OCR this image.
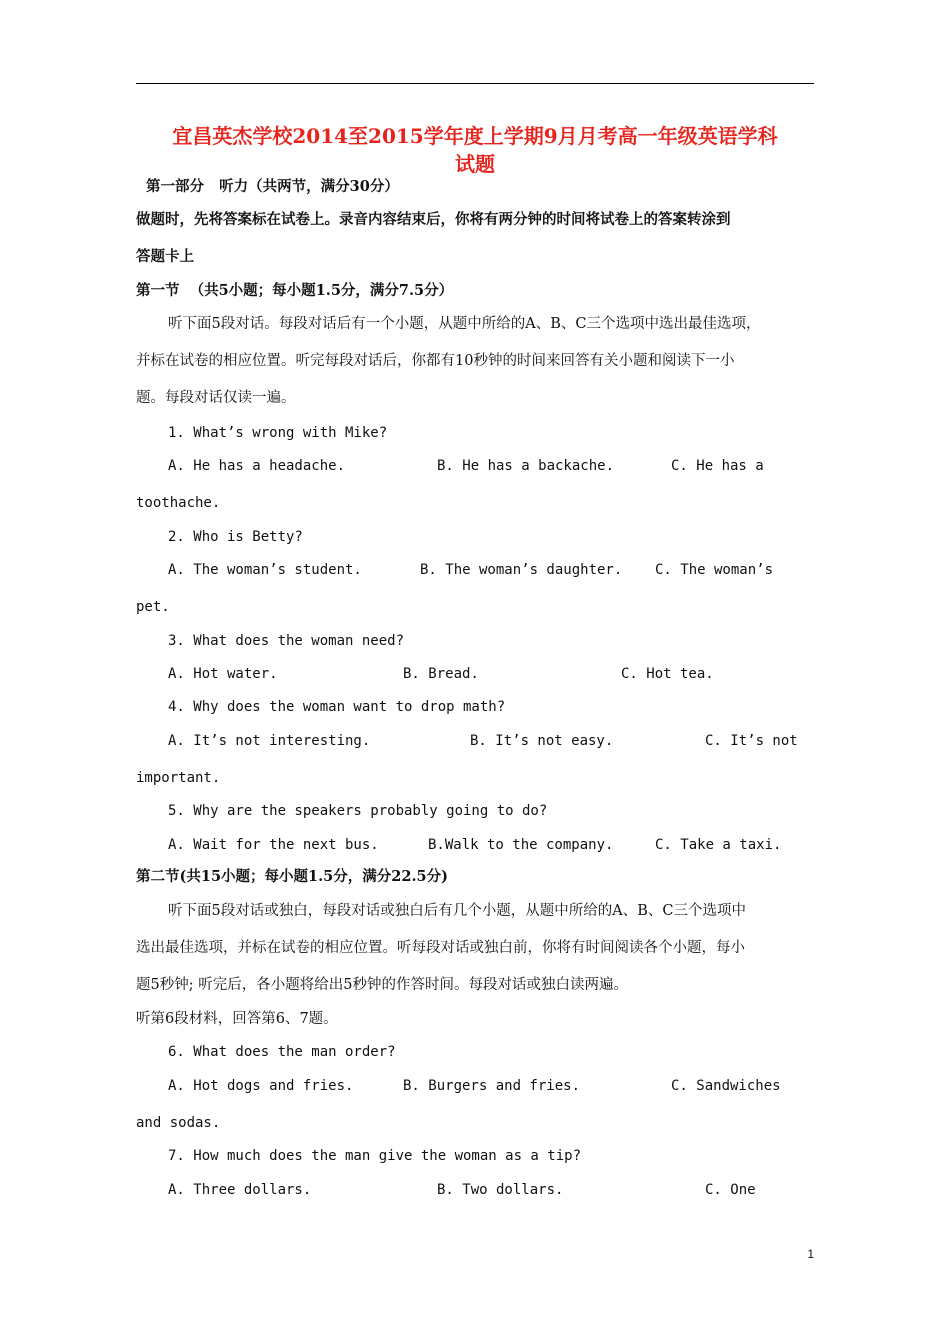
宜昌英杰学校2014至2015学年度上学期9月月考高一年级英语学科
试题
第一部分   听力（共两节，满分30分）
做题时，先将答案标在试卷上。录音内容结束后，你将有两分钟的时间将试卷上的答案转涂到
答题卡上
第一节  （共5小题；每小题1.5分，满分7.5分）
听下面5段对话。每段对话后有一个小题，从题中所给的A、B、C三个选项中选出最佳选项，
并标在试卷的相应位置。听完每段对话后，你都有10秒钟的时间来回答有关小题和阅读下一小
题。每段对话仅读一遍。
1. What’s wrong with Mike?
A. He has a headache.	B. He has a backache.	C. He has a
toothache.
2. Who is Betty?
A. The woman’s student.	B. The woman’s daughter. C. The woman’s
pet.
3. What does the woman need?
A. Hot water.	B. Bread.	C. Hot tea.
4. Why does the woman want to drop math?
A. It’s not interesting.	B. It’s not easy.	C. It’s not
important.
5. Why are the speakers probably going to do?
A. Wait for the next bus.	B.Walk to the company.	C. Take a taxi.
第二节(共15小题；每小题1.5分，满分22.5分)
听下面5段对话或独白，每段对话或独白后有几个小题，从题中所给的A、B、C三个选项中
选出最佳选项，并标在试卷的相应位置。听每段对话或独白前，你将有时间阅读各个小题，每小
题5秒钟; 听完后，各小题将给出5秒钟的作答时间。每段对话或独白读两遍。
听第6段材料，回答第6、7题。
6. What does the man order?
A. Hot dogs and fries.	B. Burgers and fries.	C. Sandwiches
and sodas.
7. How much does the man give the woman as a tip?
A. Three dollars.	B. Two dollars.	C. One
1
